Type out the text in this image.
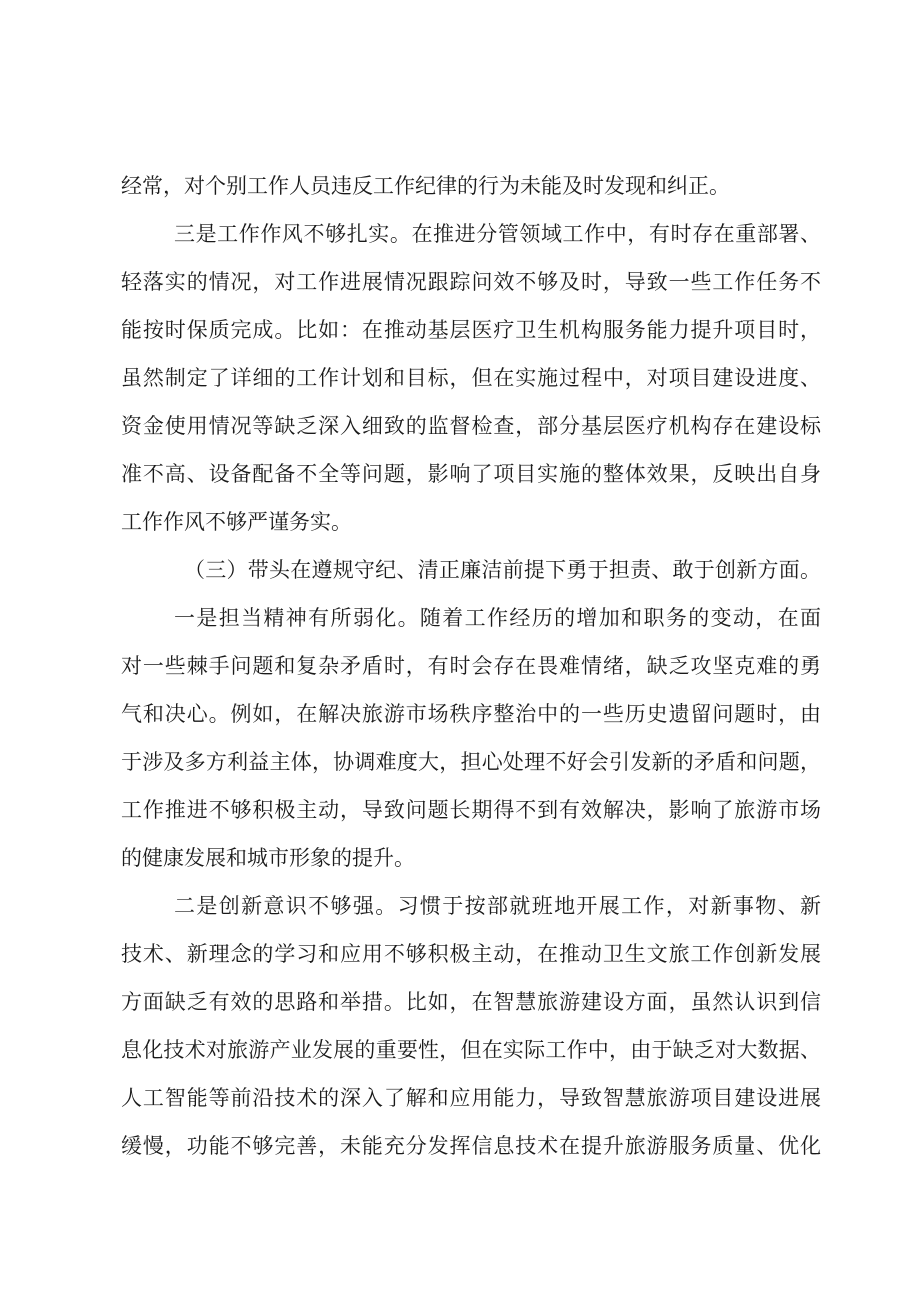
经常，对个别工作人员违反工作纪律的行为未能及时发现和纠正。

三是工作作风不够扎实。在推进分管领域工作中，有时存在重部署、

轻落实的情况，对工作进展情况跟踪问效不够及时，导致一些工作任务不

能按时保质完成。比如：在推动基层医疗卫生机构服务能力提升项目时，

虽然制定了详细的工作计划和目标，但在实施过程中，对项目建设进度、

资金使用情况等缺乏深入细致的监督检查，部分基层医疗机构存在建设标

准不高、设备配备不全等问题，影响了项目实施的整体效果，反映出自身

工作作风不够严谨务实。

（三）带头在遵规守纪、清正廉洁前提下勇于担责、敢于创新方面。

一是担当精神有所弱化。随着工作经历的增加和职务的变动，在面

对一些棘手问题和复杂矛盾时，有时会存在畏难情绪，缺乏攻坚克难的勇

气和决心。例如，在解决旅游市场秩序整治中的一些历史遗留问题时，由

于涉及多方利益主体，协调难度大，担心处理不好会引发新的矛盾和问题，

工作推进不够积极主动，导致问题长期得不到有效解决，影响了旅游市场

的健康发展和城市形象的提升。

二是创新意识不够强。习惯于按部就班地开展工作，对新事物、新

技术、新理念的学习和应用不够积极主动，在推动卫生文旅工作创新发展

方面缺乏有效的思路和举措。比如，在智慧旅游建设方面，虽然认识到信

息化技术对旅游产业发展的重要性，但在实际工作中，由于缺乏对大数据、

人工智能等前沿技术的深入了解和应用能力，导致智慧旅游项目建设进展

缓慢，功能不够完善，未能充分发挥信息技术在提升旅游服务质量、优化
